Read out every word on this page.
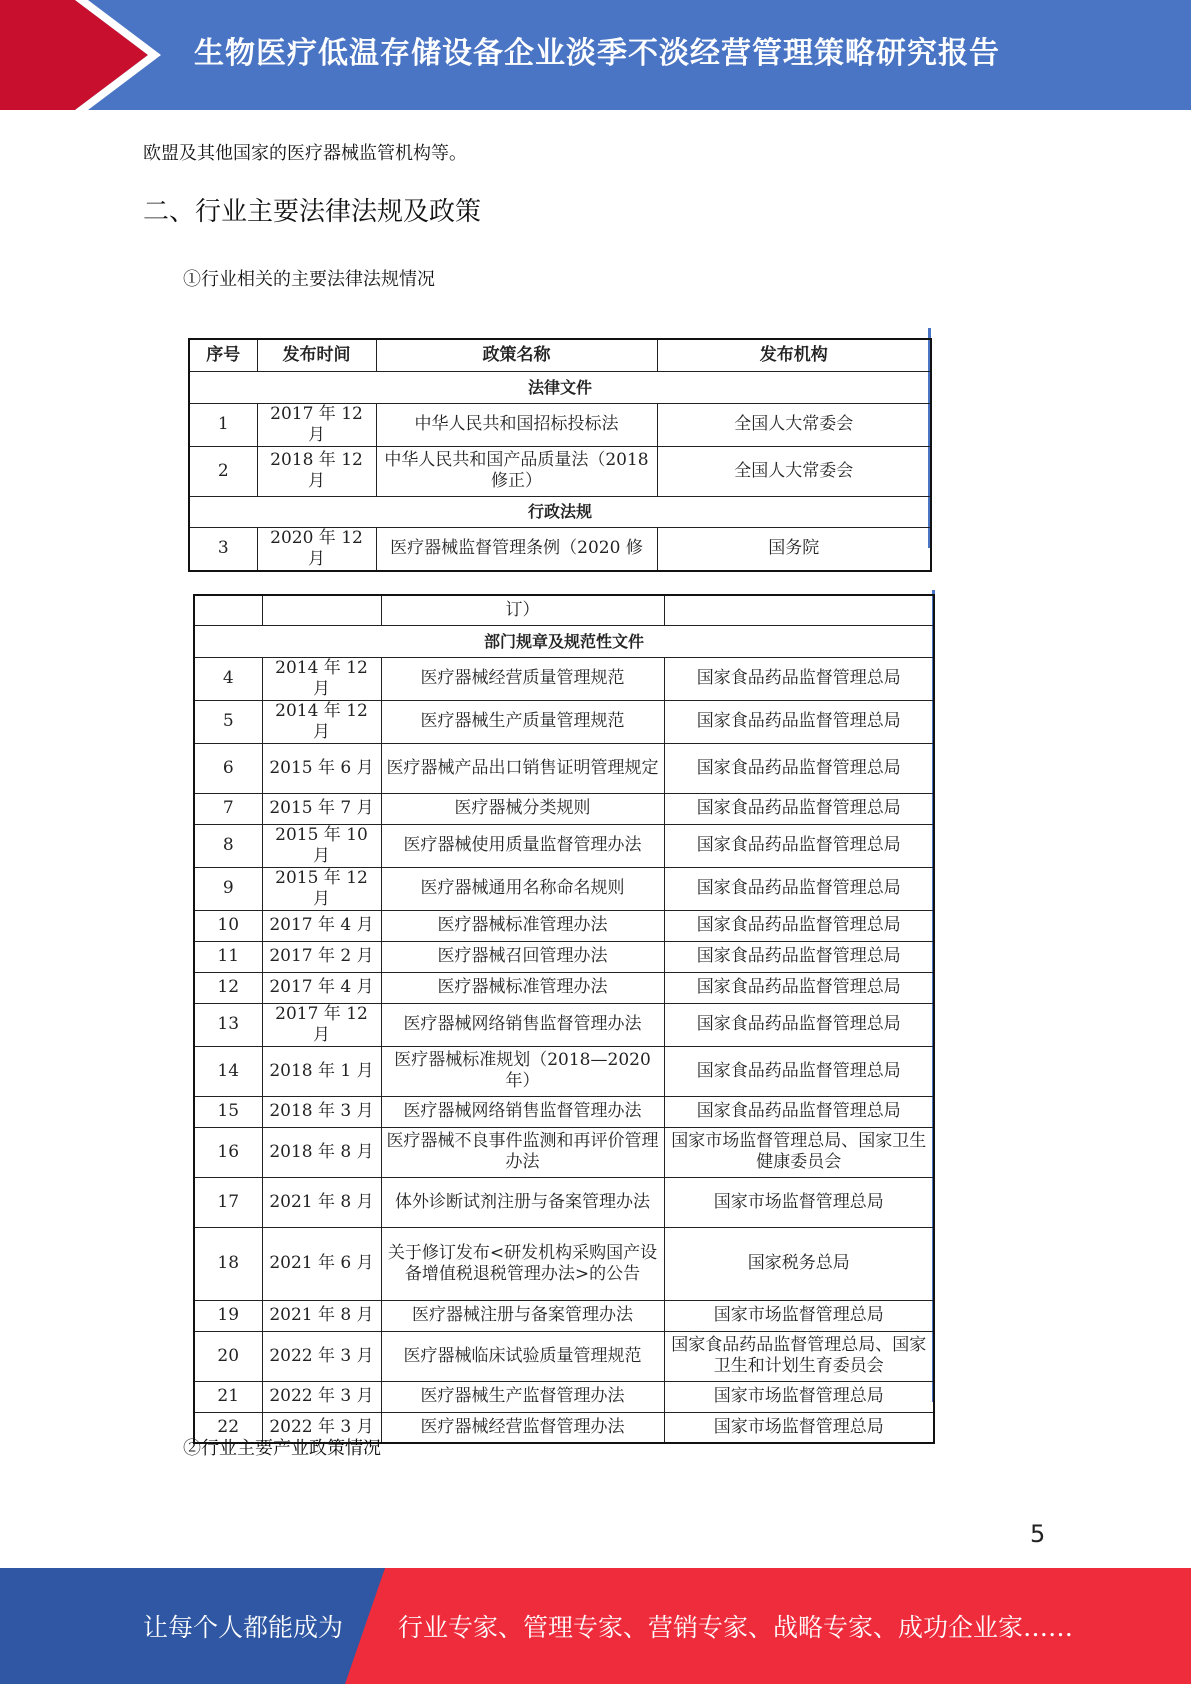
生物医疗低温存储设备企业淡季不淡经营管理策略研究报告
欧盟及其他国家的医疗器械监管机构等。
二、行业主要法律法规及政策
①行业相关的主要法律法规情况
序号	发布时间	政策名称	发布机构
法律文件			
1	2017 年 12 月	中华人民共和国招标投标法	全国人大常委会
2	2018 年 12 月	中华人民共和国产品质量法（2018 修正）	全国人大常委会
行政法规			
3	2020 年 12 月	医疗器械监督管理条例（2020 修	国务院
		订）	
部门规章及规范性文件			
4	2014 年 12 月	医疗器械经营质量管理规范	国家食品药品监督管理总局
5	2014 年 12 月	医疗器械生产质量管理规范	国家食品药品监督管理总局
6	2015 年 6 月	医疗器械产品出口销售证明管理规定	国家食品药品监督管理总局
7	2015 年 7 月	医疗器械分类规则	国家食品药品监督管理总局
8	2015 年 10 月	医疗器械使用质量监督管理办法	国家食品药品监督管理总局
9	2015 年 12 月	医疗器械通用名称命名规则	国家食品药品监督管理总局
10	2017 年 4 月	医疗器械标准管理办法	国家食品药品监督管理总局
11	2017 年 2 月	医疗器械召回管理办法	国家食品药品监督管理总局
12	2017 年 4 月	医疗器械标准管理办法	国家食品药品监督管理总局
13	2017 年 12 月	医疗器械网络销售监督管理办法	国家食品药品监督管理总局
14	2018 年 1 月	医疗器械标准规划（2018—2020 年）	国家食品药品监督管理总局
15	2018 年 3 月	医疗器械网络销售监督管理办法	国家食品药品监督管理总局
16	2018 年 8 月	医疗器械不良事件监测和再评价管理办法	国家市场监督管理总局、国家卫生健康委员会
17	2021 年 8 月	体外诊断试剂注册与备案管理办法	国家市场监督管理总局
18	2021 年 6 月	关于修订发布<研发机构采购国产设备增值税退税管理办法>的公告	国家税务总局
19	2021 年 8 月	医疗器械注册与备案管理办法	国家市场监督管理总局
20	2022 年 3 月	医疗器械临床试验质量管理规范	国家食品药品监督管理总局、国家卫生和计划生育委员会
21	2022 年 3 月	医疗器械生产监督管理办法	国家市场监督管理总局
22	2022 年 3 月	医疗器械经营监督管理办法	国家市场监督管理总局
②行业主要产业政策情况
5
让每个人都能成为 行业专家、管理专家、营销专家、战略专家、成功企业家……
